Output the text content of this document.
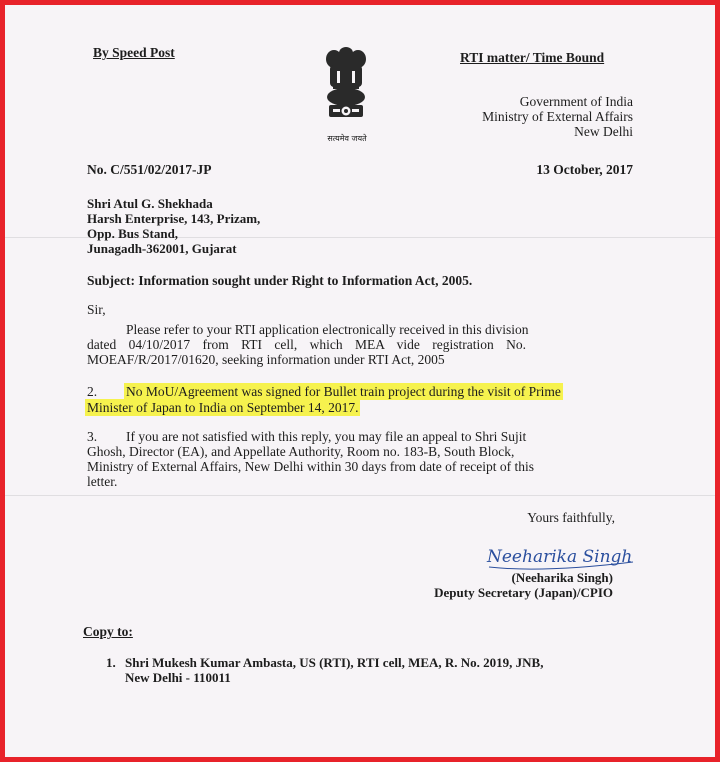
By Speed Post	RTI matter/ Time Bound
सत्यमेव जयते
Government of India
Ministry of External Affairs
New Delhi
No. C/551/02/2017-JP	13 October, 2017
Shri Atul G. Shekhada
Harsh Enterprise, 143, Prizam,
Opp. Bus Stand,
Junagadh-362001, Gujarat
Subject: Information sought under Right to Information Act, 2005.
Sir,
Please refer to your RTI application electronically received in this division
dated 04/10/2017 from RTI cell, which MEA vide registration No.
MOEAF/R/2017/01620, seeking information under RTI Act, 2005
2. No MoU/Agreement was signed for Bullet train project during the visit of Prime
Minister of Japan to India on September 14, 2017.
3. If you are not satisfied with this reply, you may file an appeal to Shri Sujit
Ghosh, Director (EA), and Appellate Authority, Room no. 183-B, South Block,
Ministry of External Affairs, New Delhi within 30 days from date of receipt of this
letter.
Yours faithfully,
Neeharika Singh
(Neeharika Singh)
Deputy Secretary (Japan)/CPIO
Copy to:
1. Shri Mukesh Kumar Ambasta, US (RTI), RTI cell, MEA, R. No. 2019, JNB,
New Delhi - 110011
